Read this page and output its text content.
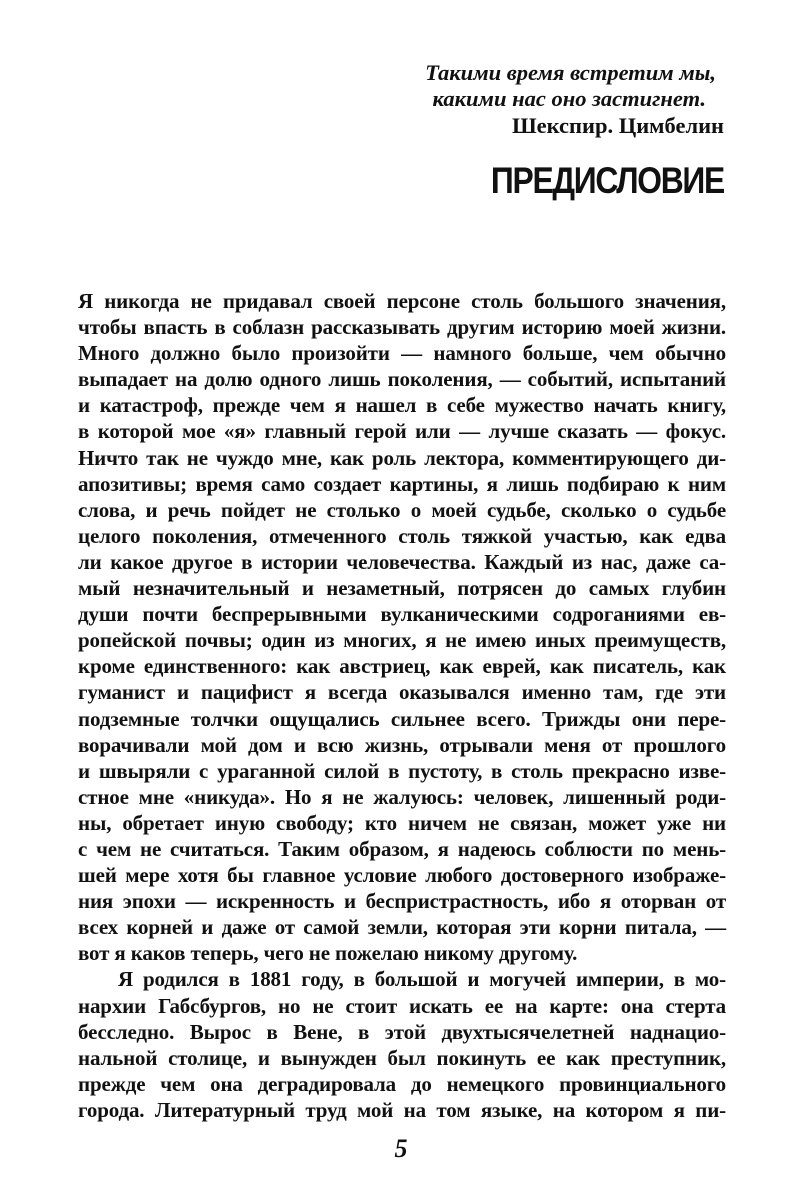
Такими время встретим мы,
какими нас оно застигнет.
Шекспир. Цимбелин
ПРЕДИСЛОВИЕ
Я никогда не придавал своей персоне столь большого значения,
чтобы впасть в соблазн рассказывать другим историю моей жизни.
Много должно было произойти — намного больше, чем обычно
выпадает на долю одного лишь поколения, — событий, испытаний
и катастроф, прежде чем я нашел в себе мужество начать книгу,
в которой мое «я» главный герой или — лучше сказать — фокус.
Ничто так не чуждо мне, как роль лектора, комментирующего ди-
апозитивы; время само создает картины, я лишь подбираю к ним
слова, и речь пойдет не столько о моей судьбе, сколько о судьбе
целого поколения, отмеченного столь тяжкой участью, как едва
ли какое другое в истории человечества. Каждый из нас, даже са-
мый незначительный и незаметный, потрясен до самых глубин
души почти беспрерывными вулканическими содроганиями ев-
ропейской почвы; один из многих, я не имею иных преимуществ,
кроме единственного: как австриец, как еврей, как писатель, как
гуманист и пацифист я всегда оказывался именно там, где эти
подземные толчки ощущались сильнее всего. Трижды они пере-
ворачивали мой дом и всю жизнь, отрывали меня от прошлого
и швыряли с ураганной силой в пустоту, в столь прекрасно изве-
стное мне «никуда». Но я не жалуюсь: человек, лишенный роди-
ны, обретает иную свободу; кто ничем не связан, может уже ни
с чем не считаться. Таким образом, я надеюсь соблюсти по мень-
шей мере хотя бы главное условие любого достоверного изображе-
ния эпохи — искренность и беспристрастность, ибо я оторван от
всех корней и даже от самой земли, которая эти корни питала, —
вот я каков теперь, чего не пожелаю никому другому.
Я родился в 1881 году, в большой и могучей империи, в мо-
нархии Габсбургов, но не стоит искать ее на карте: она стерта
бесследно. Вырос в Вене, в этой двухтысячелетней наднацио-
нальной столице, и вынужден был покинуть ее как преступник,
прежде чем она деградировала до немецкого провинциального
города. Литературный труд мой на том языке, на котором я пи-
5
